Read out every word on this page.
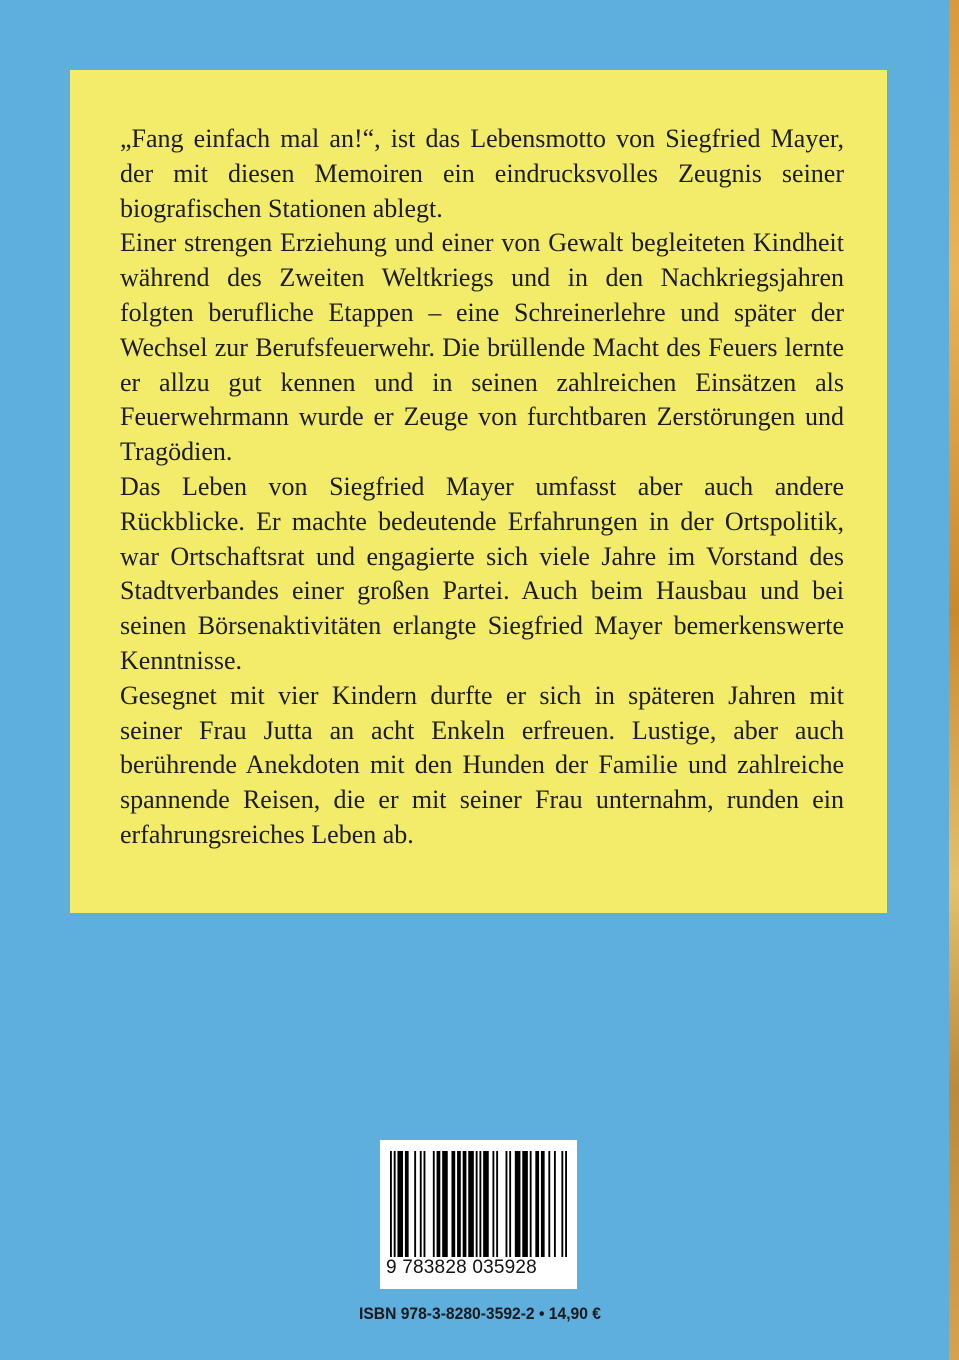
„Fang einfach mal an!“, ist das Lebensmotto von Siegfried Mayer, der mit diesen Memoiren ein eindrucksvolles Zeugnis seiner biografischen Stationen ablegt.

Einer strengen Erziehung und einer von Gewalt begleiteten Kindheit während des Zweiten Weltkriegs und in den Nachkriegsjahren folgten berufliche Etappen – eine Schreinerlehre und später der Wechsel zur Berufsfeuerwehr. Die brüllende Macht des Feuers lernte er allzu gut kennen und in seinen zahlreichen Einsätzen als Feuerwehrmann wurde er Zeuge von furchtbaren Zerstörungen und Tragödien.

Das Leben von Siegfried Mayer umfasst aber auch andere Rückblicke. Er machte bedeutende Erfahrungen in der Ortspolitik, war Ortschaftsrat und engagierte sich viele Jahre im Vorstand des Stadtverbandes einer großen Partei. Auch beim Hausbau und bei seinen Börsenaktivitäten erlangte Siegfried Mayer bemerkenswerte Kenntnisse.

Gesegnet mit vier Kindern durfte er sich in späteren Jahren mit seiner Frau Jutta an acht Enkeln erfreuen. Lustige, aber auch berührende Anekdoten mit den Hunden der Familie und zahlreiche spannende Reisen, die er mit seiner Frau unternahm, runden ein erfahrungsreiches Leben ab.

9 783828 035928
ISBN 978-3-8280-3592-2 • 14,90 €
